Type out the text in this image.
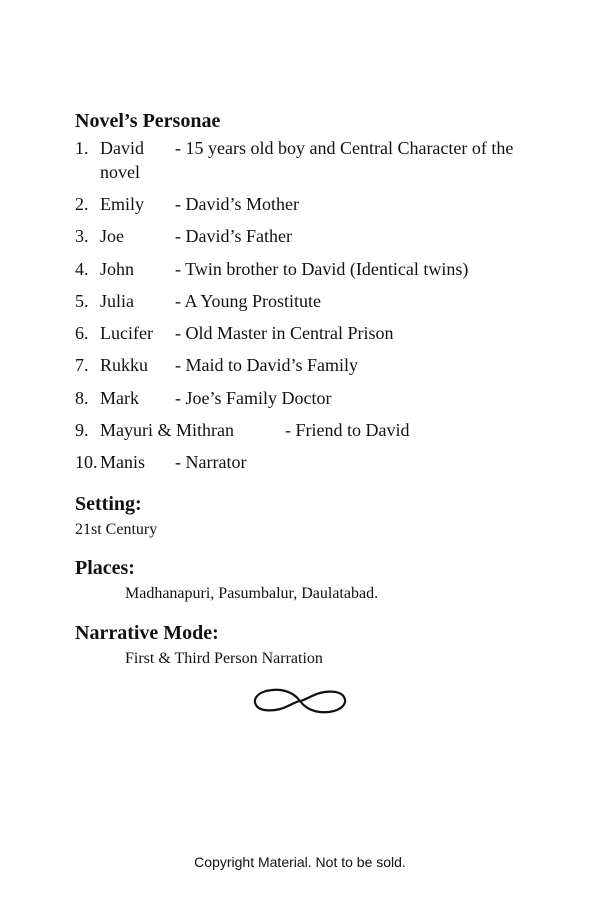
Novel’s Personae
1. David - 15 years old boy and Central Character of the
novel
2. Emily - David’s Mother
3. Joe	- David’s Father
4. John - Twin brother to David (Identical twins)
5. Julia - A Young Prostitute
6. Lucifer - Old Master in Central Prison
7. Rukku - Maid to David’s Family
8. Mark - Joe’s Family Doctor
9. Mayuri & Mithran	- Friend to David
10. Manis - Narrator
Setting:

21st Century

Places:

Madhanapuri, Pasumbalur, Daulatabad.

Narrative Mode:

First & Third Person Narration

Copyright Material. Not to be sold.
